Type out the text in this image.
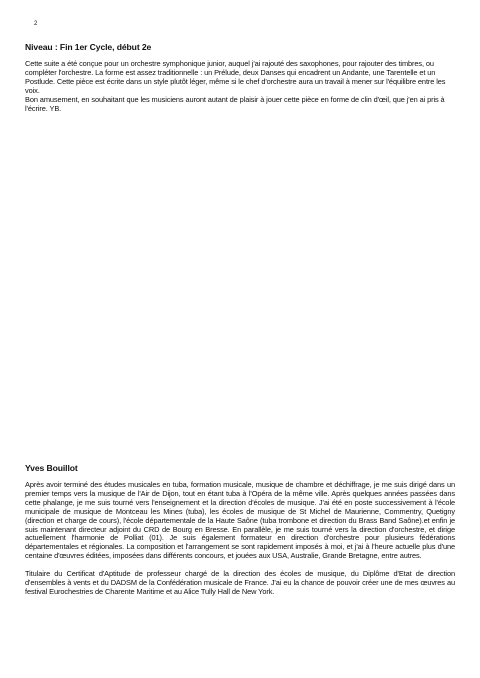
2
Niveau : Fin 1er Cycle, début 2e

Cette suite a été conçue pour un orchestre symphonique junior, auquel j'ai rajouté des saxophones, pour rajouter des timbres, ou compléter l'orchestre. La forme est assez traditionnelle : un Prélude, deux Danses qui encadrent un Andante, une Tarentelle et un Postlude. Cette pièce est écrite dans un style plutôt léger, même si le chef d'orchestre aura un travail à mener sur l'équilibre entre les voix.

Bon amusement, en souhaitant que les musiciens auront autant de plaisir à jouer cette pièce en forme de clin d'œil, que j'en ai pris à l'écrire. YB.

Yves Bouillot

Après avoir terminé des études musicales en tuba, formation musicale, musique de chambre et déchiffrage, je me suis dirigé dans un premier temps vers la musique de l'Air de Dijon, tout en étant tuba à l'Opéra de la même ville. Après quelques années passées dans cette phalange, je me suis tourné vers l'enseignement et la direction d'écoles de musique. J'ai été en poste successivement à l'école municipale de musique de Montceau les Mines (tuba), les écoles de musique de St Michel de Maurienne, Commentry, Quetigny (direction et charge de cours), l'école départementale de la Haute Saône (tuba trombone et direction du Brass Band Saône).et enfin je suis maintenant directeur adjoint du CRD de Bourg en Bresse. En parallèle, je me suis tourné vers la direction d'orchestre, et dirige actuellement l'harmonie de Polliat (01). Je suis également formateur en direction d'orchestre pour plusieurs fédérations départementales et régionales. La composition et l'arrangement se sont rapidement imposés à moi, et j'ai à l'heure actuelle plus d'une centaine d'œuvres éditées, imposées dans différents concours, et jouées aux USA, Australie, Grande Bretagne, entre autres.

Titulaire du Certificat d'Aptitude de professeur chargé de la direction des écoles de musique, du Diplôme d'Etat de direction d'ensembles à vents et du DADSM de la Confédération musicale de France. J'ai eu la chance de pouvoir créer une de mes œuvres au festival Eurochestries de Charente Maritime et au Alice Tully Hall de New York.
